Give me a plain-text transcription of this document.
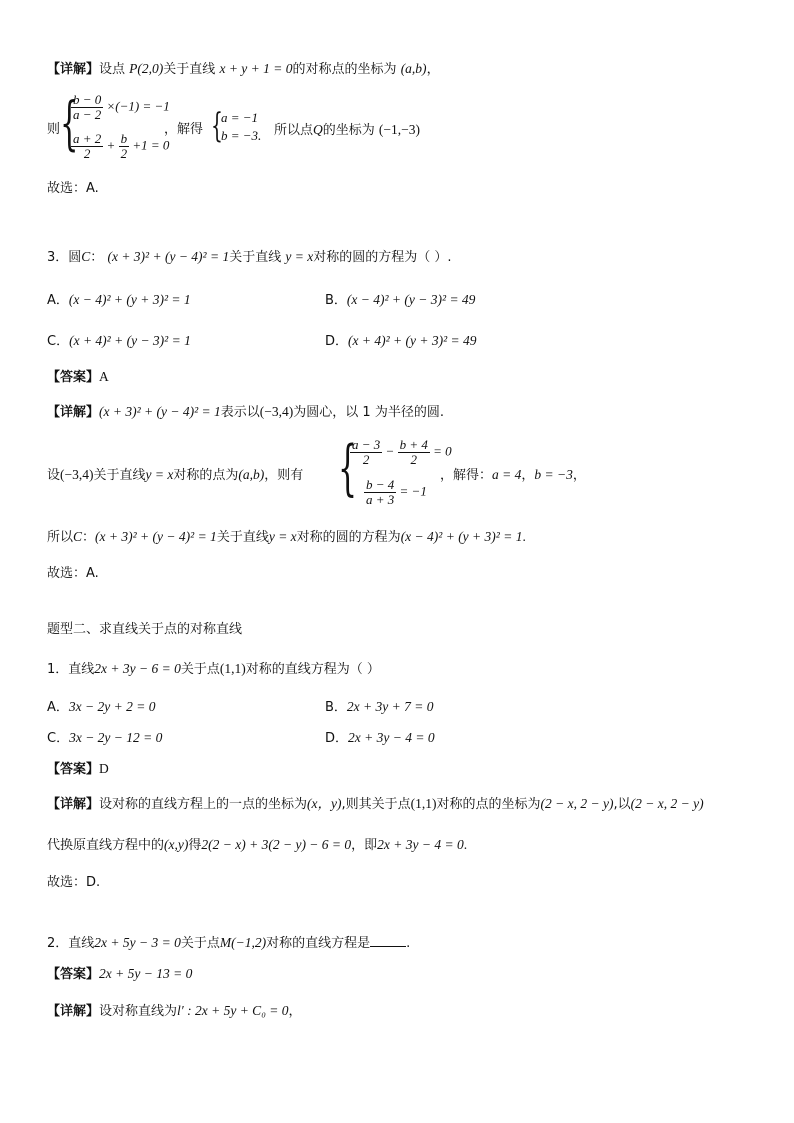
【详解】设点 P(2,0)关于直线 x + y + 1 = 0的对称点的坐标为 (a,b)，
则 {
$\frac{b - 0}{a - 2} \times(-1) = -1$
$\frac{a + 2}{2} + \frac{b}{2} +1 = 0$
，解得 {
a = −1
b = −3. 所以点Q的坐标为 (−1,−3)
故选：A.
3．圆C： (x + 3)² + (y − 4)² = 1关于直线 y = x对称的圆的方程为（ ）.
A．(x − 4)² + (y + 3)² = 1	B．(x − 4)² + (y − 3)² = 49
C．(x + 4)² + (y − 3)² = 1	D．(x + 4)² + (y + 3)² = 49
【答案】A
【详解】(x + 3)² + (y − 4)² = 1表示以(−3,4)为圆心，以 1 为半径的圆.
设(−3,4)关于直线y = x对称的点为(a,b)，则有 {
$\frac{a - 3}{2} - \frac{b + 4}{2} = 0$
$\frac{b - 4}{a + 3} = -1$
，解得：a = 4，b = −3，
所以C：(x + 3)² + (y − 4)² = 1关于直线y = x对称的圆的方程为(x − 4)² + (y + 3)² = 1.
故选：A.
题型二、求直线关于点的对称直线
1．直线2x + 3y − 6 = 0关于点(1,1)对称的直线方程为（ ）
A．3x − 2y + 2 = 0	B．2x + 3y + 7 = 0
C．3x − 2y − 12 = 0	D．2x + 3y − 4 = 0
【答案】D
【详解】设对称的直线方程上的一点的坐标为(x，y),则其关于点(1,1)对称的点的坐标为(2 − x, 2 − y),以(2 − x, 2 − y)
代换原直线方程中的(x,y)得2(2 − x) + 3(2 − y) − 6 = 0，即2x + 3y − 4 = 0.
故选：D.
2．直线2x + 5y − 3 = 0关于点M(−1,2)对称的直线方程是	.
【答案】2x + 5y − 13 = 0
【详解】设对称直线为l′ : 2x + 5y + C₀ = 0，
